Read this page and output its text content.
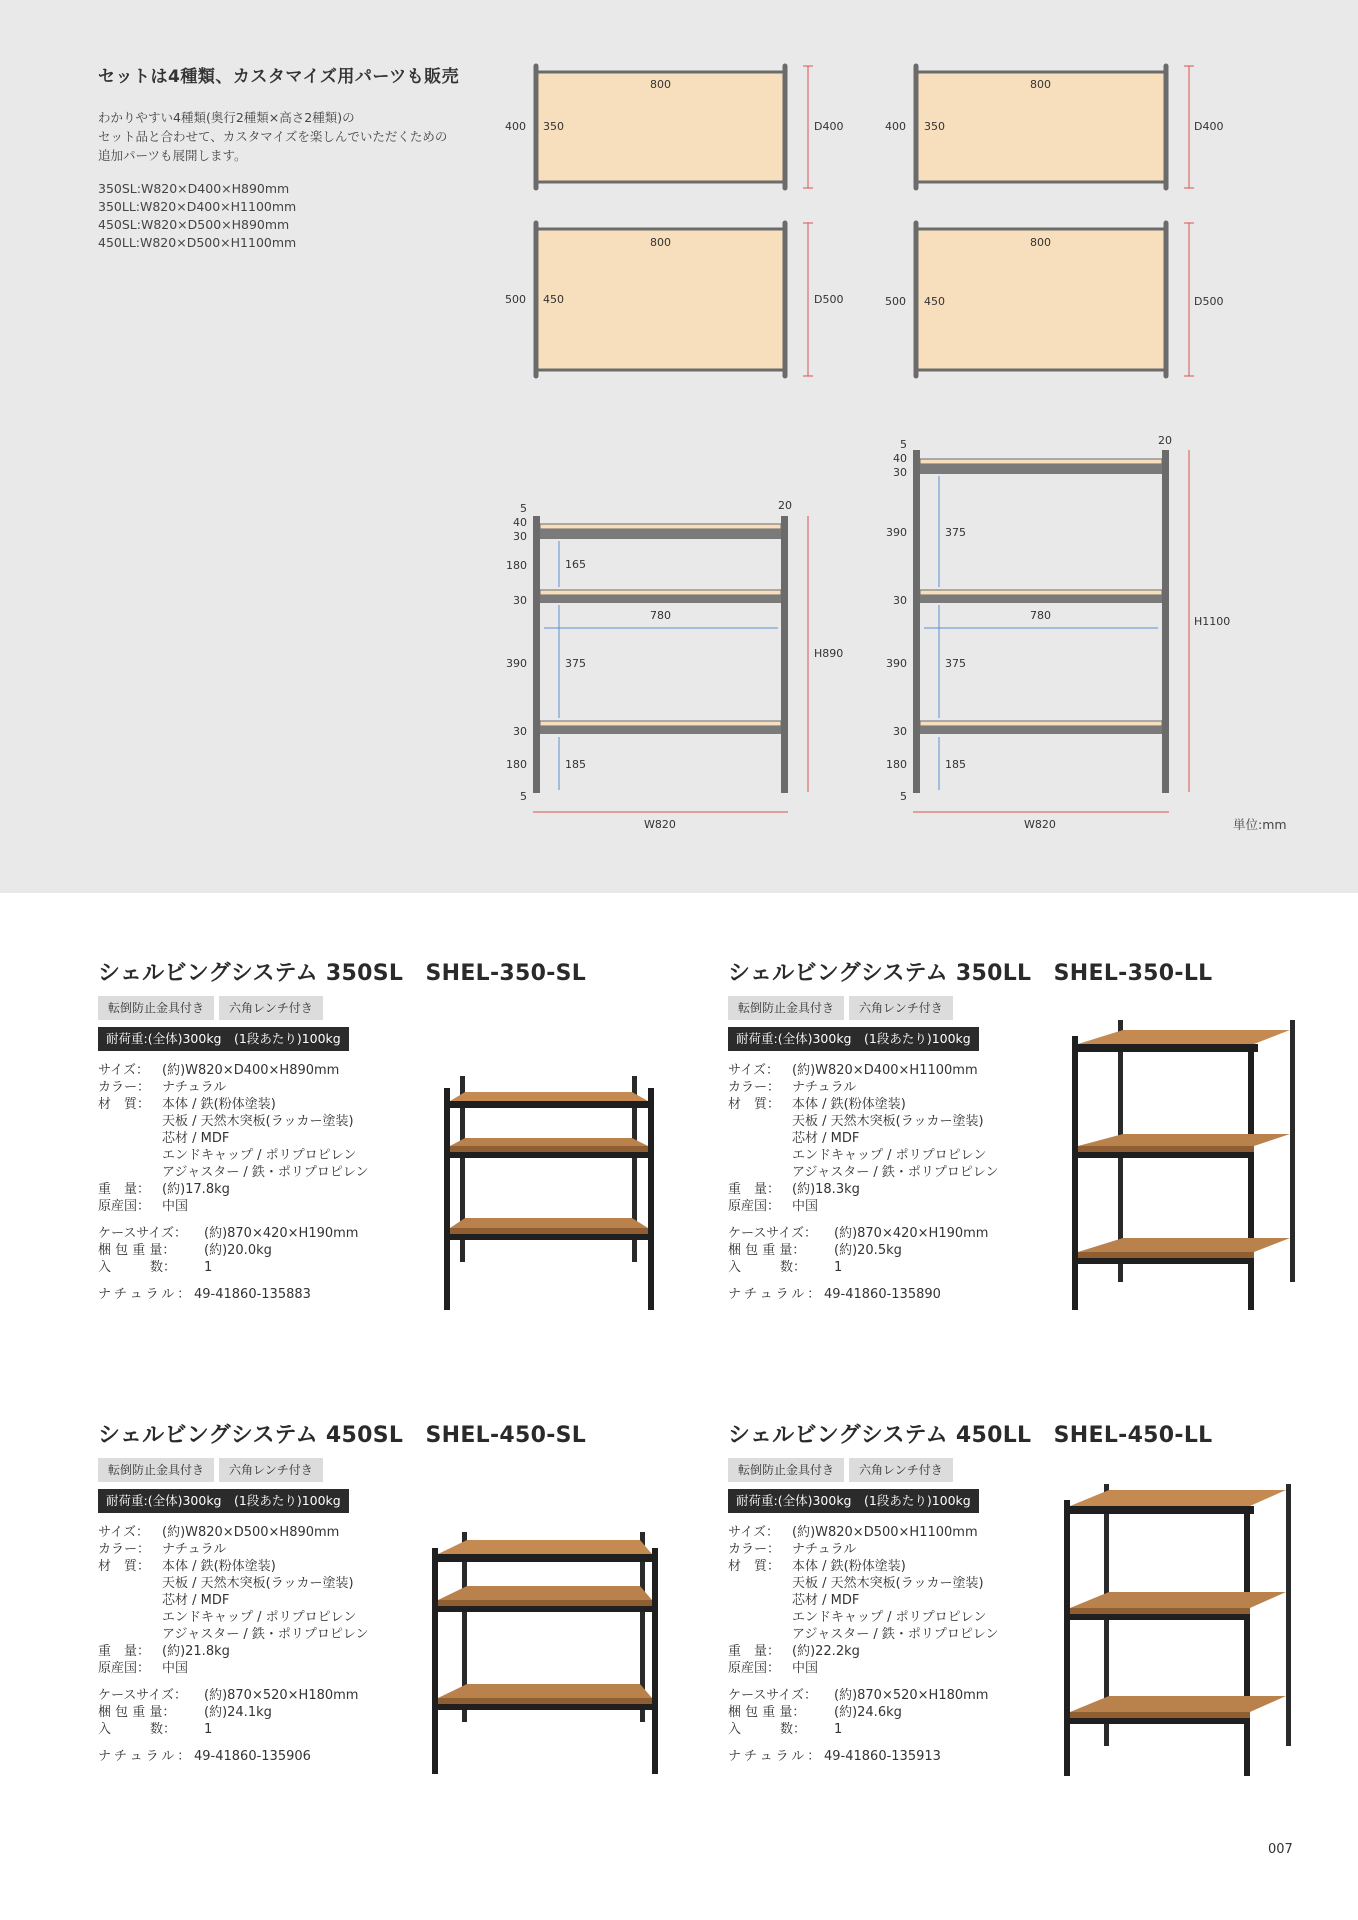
セットは4種類、カスタマイズ用パーツも販売
わかりやすい4種類(奥行2種類×高さ2種類)の
セット品と合わせて、カスタマイズを楽しんでいただくための
追加パーツも展開します。
350SL:W820×D400×H890mm
350LL:W820×D400×H1100mm
450SL:W820×D500×H890mm
450LL:W820×D500×H1100mm
800
400 350	D400
800
400 350	D400
800
500 450	D500
800
500 450	D500
5
40
30
20
180
30
390
30
180
5
165
375
185
780
W820
H890
5
40
30
20
390
30
390
30
180
5
375
375
185
780
W820
H1100
単位:mm
シェルビングシステム 350SL　SHEL-350-SL
転倒防止金具付き	六角レンチ付き
耐荷重:(全体)300kg　(1段あたり)100kg
サイズ：	(約)W820×D400×H890mm
カラー： ナチュラル
材　質： 本体 / 鉄(粉体塗装)
天板 / 天然木突板(ラッカー塗装)
芯材 / MDF
エンドキャップ / ポリプロピレン
アジャスター / 鉄・ポリプロピレン
重　量： (約)17.8kg
原産国： 中国
ケースサイズ：	(約)870×420×H190mm
梱 包 重 量：	(約)20.0kg
入　　　数：	1
ナチュラル： 49-41860-135883
シェルビングシステム 350LL　SHEL-350-LL
転倒防止金具付き	六角レンチ付き
耐荷重:(全体)300kg　(1段あたり)100kg
サイズ：	(約)W820×D400×H1100mm
カラー： ナチュラル
材　質： 本体 / 鉄(粉体塗装)
天板 / 天然木突板(ラッカー塗装)
芯材 / MDF
エンドキャップ / ポリプロピレン
アジャスター / 鉄・ポリプロピレン
重　量： (約)18.3kg
原産国： 中国
ケースサイズ：	(約)870×420×H190mm
梱 包 重 量：	(約)20.5kg
入　　　数：	1
ナチュラル： 49-41860-135890
シェルビングシステム 450SL　SHEL-450-SL
転倒防止金具付き	六角レンチ付き
耐荷重:(全体)300kg　(1段あたり)100kg
サイズ：	(約)W820×D500×H890mm
カラー： ナチュラル
材　質： 本体 / 鉄(粉体塗装)
天板 / 天然木突板(ラッカー塗装)
芯材 / MDF
エンドキャップ / ポリプロピレン
アジャスター / 鉄・ポリプロピレン
重　量： (約)21.8kg
原産国： 中国
ケースサイズ：	(約)870×520×H180mm
梱 包 重 量：	(約)24.1kg
入　　　数：	1
ナチュラル： 49-41860-135906
シェルビングシステム 450LL　SHEL-450-LL
転倒防止金具付き	六角レンチ付き
耐荷重:(全体)300kg　(1段あたり)100kg
サイズ：	(約)W820×D500×H1100mm
カラー： ナチュラル
材　質： 本体 / 鉄(粉体塗装)
天板 / 天然木突板(ラッカー塗装)
芯材 / MDF
エンドキャップ / ポリプロピレン
アジャスター / 鉄・ポリプロピレン
重　量： (約)22.2kg
原産国： 中国
ケースサイズ：	(約)870×520×H180mm
梱 包 重 量：	(約)24.6kg
入　　　数：	1
ナチュラル： 49-41860-135913
007
